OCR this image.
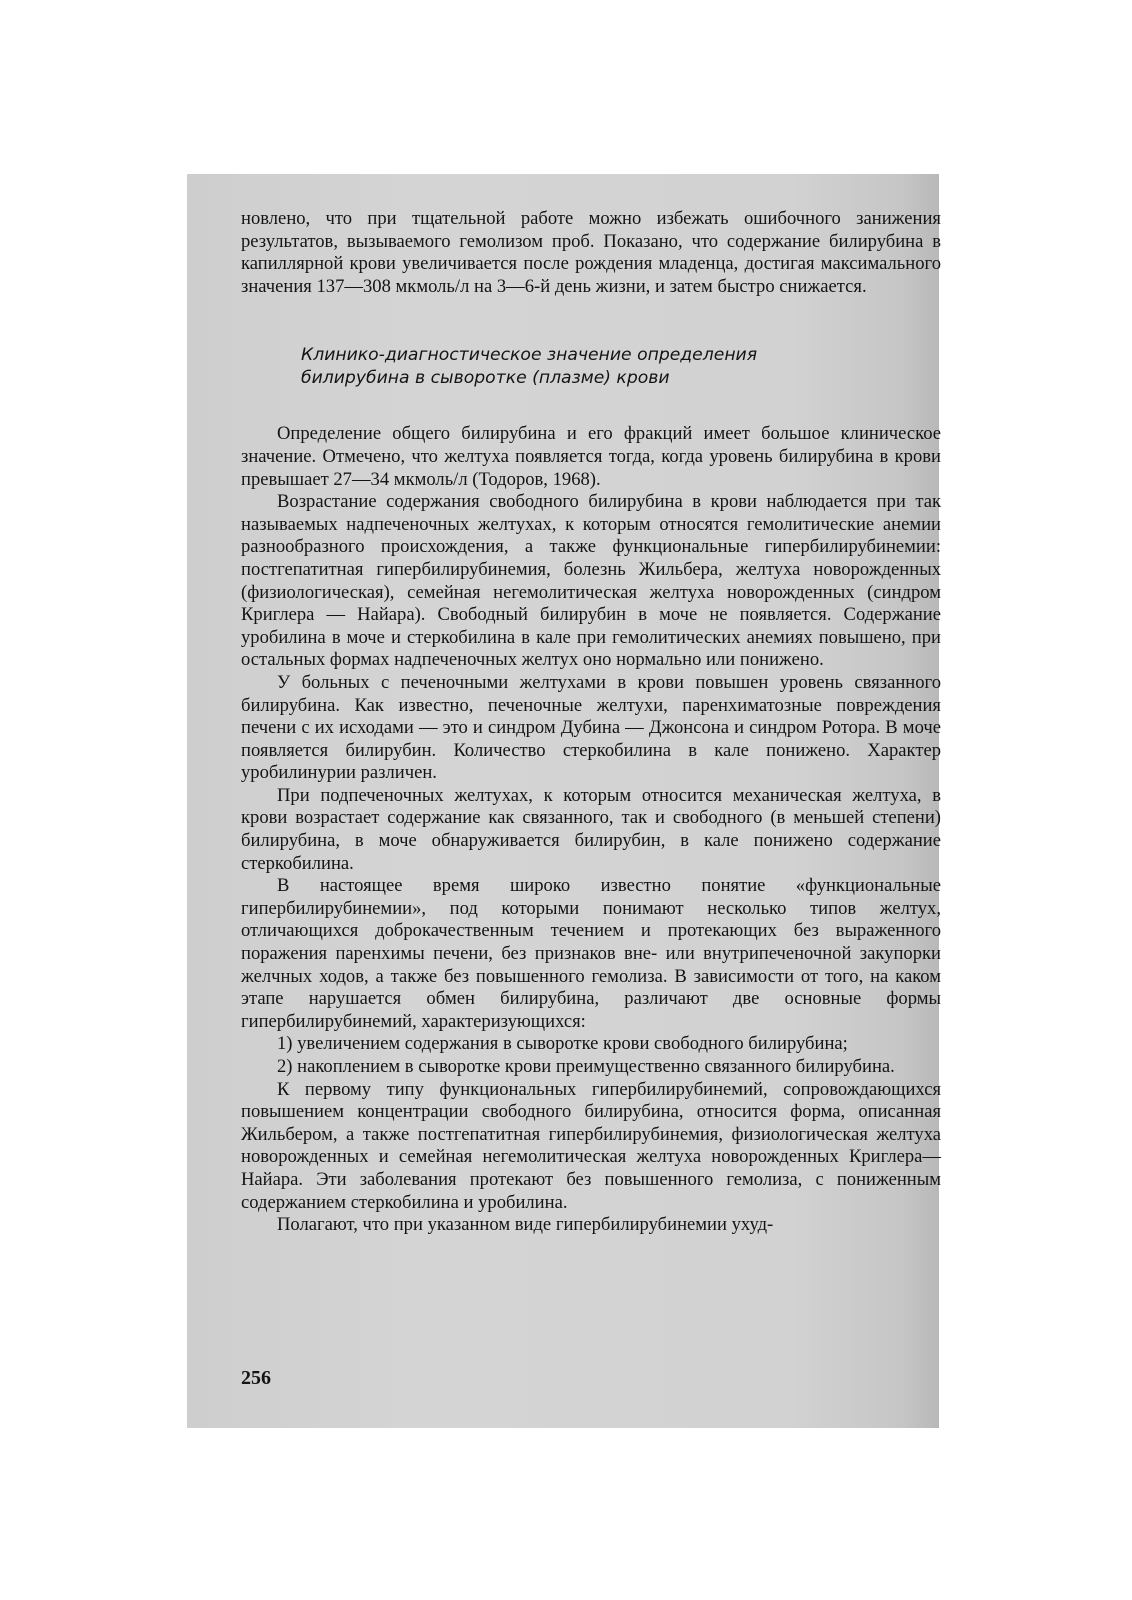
новлено, что при тщательной работе можно избежать ошибочного занижения результатов, вызываемого гемолизом проб. Показано, что содержание билирубина в капиллярной крови увеличивается после рождения младенца, достигая максимального значения 137—308 мкмоль/л на 3—6-й день жизни, и затем быстро снижается.

Клинико-диагностическое значение определения билирубина в сыворотке (плазме) крови

Определение общего билирубина и его фракций имеет большое клиническое значение. Отмечено, что желтуха появляется тогда, когда уровень билирубина в крови превышает 27—34 мкмоль/л (Тодоров, 1968).

Возрастание содержания свободного билирубина в крови наблюдается при так называемых надпеченочных желтухах, к которым относятся гемолитические анемии разнообразного происхождения, а также функциональные гипербилирубинемии: постгепатитная гипербилирубинемия, болезнь Жильбера, желтуха новорожденных (физиологическая), семейная негемолитическая желтуха новорожденных (синдром Криглера — Найара). Свободный билирубин в моче не появляется. Содержание уробилина в моче и стеркобилина в кале при гемолитических анемиях повышено, при остальных формах надпеченочных желтух оно нормально или понижено.

У больных с печеночными желтухами в крови повышен уровень связанного билирубина. Как известно, печеночные желтухи, паренхиматозные повреждения печени с их исходами — это и синдром Дубина — Джонсона и синдром Ротора. В моче появляется билирубин. Количество стеркобилина в кале понижено. Характер уробилинурии различен.

При подпеченочных желтухах, к которым относится механическая желтуха, в крови возрастает содержание как связанного, так и свободного (в меньшей степени) билирубина, в моче обнаруживается билирубин, в кале понижено содержание стеркобилина.

В настоящее время широко известно понятие «функциональные гипербилирубинемии», под которыми понимают несколько типов желтух, отличающихся доброкачественным течением и протекающих без выраженного поражения паренхимы печени, без признаков вне- или внутрипеченочной закупорки желчных ходов, а также без повышенного гемолиза. В зависимости от того, на каком этапе нарушается обмен билирубина, различают две основные формы гипербилирубинемий, характеризующихся:

1) увеличением содержания в сыворотке крови свободного билирубина;

2) накоплением в сыворотке крови преимущественно связанного билирубина.

К первому типу функциональных гипербилирубинемий, сопровождающихся повышением концентрации свободного билирубина, относится форма, описанная Жильбером, а также постгепатитная гипербилирубинемия, физиологическая желтуха новорожденных и семейная негемолитическая желтуха новорожденных Криглера—Найара. Эти заболевания протекают без повышенного гемолиза, с пониженным содержанием стеркобилина и уробилина.

Полагают, что при указанном виде гипербилирубинемии ухуд-

256
